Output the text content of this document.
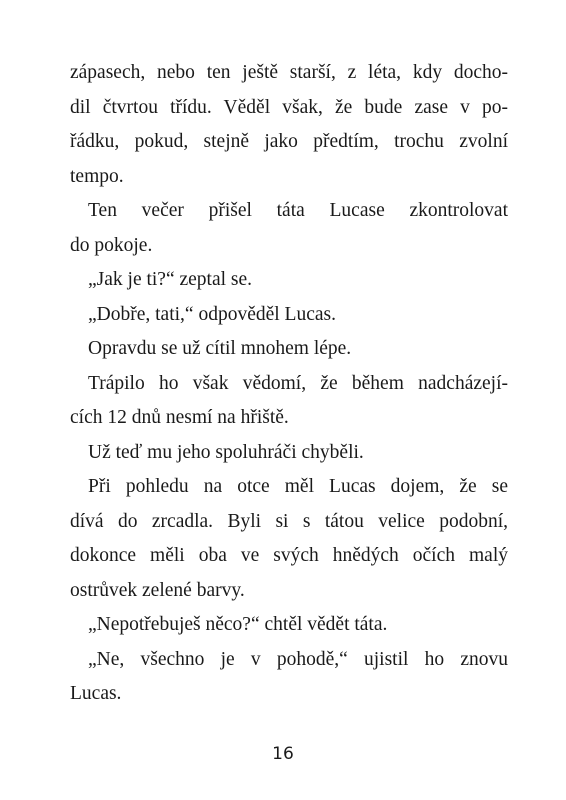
zápasech, nebo ten ještě starší, z léta, kdy docho-
dil čtvrtou třídu. Věděl však, že bude zase v po-
řádku, pokud, stejně jako předtím, trochu zvolní
tempo.
Ten večer přišel táta Lucase zkontrolovat
do pokoje.
„Jak je ti?“ zeptal se.
„Dobře, tati,“ odpověděl Lucas.
Opravdu se už cítil mnohem lépe.
Trápilo ho však vědomí, že během nadcházejí-
cích 12 dnů nesmí na hřiště.
Už teď mu jeho spoluhráči chyběli.
Při pohledu na otce měl Lucas dojem, že se
dívá do zrcadla. Byli si s tátou velice podobní,
dokonce měli oba ve svých hnědých očích malý
ostrůvek zelené barvy.
„Nepotřebuješ něco?“ chtěl vědět táta.
„Ne, všechno je v pohodě,“ ujistil ho znovu
Lucas.
16
